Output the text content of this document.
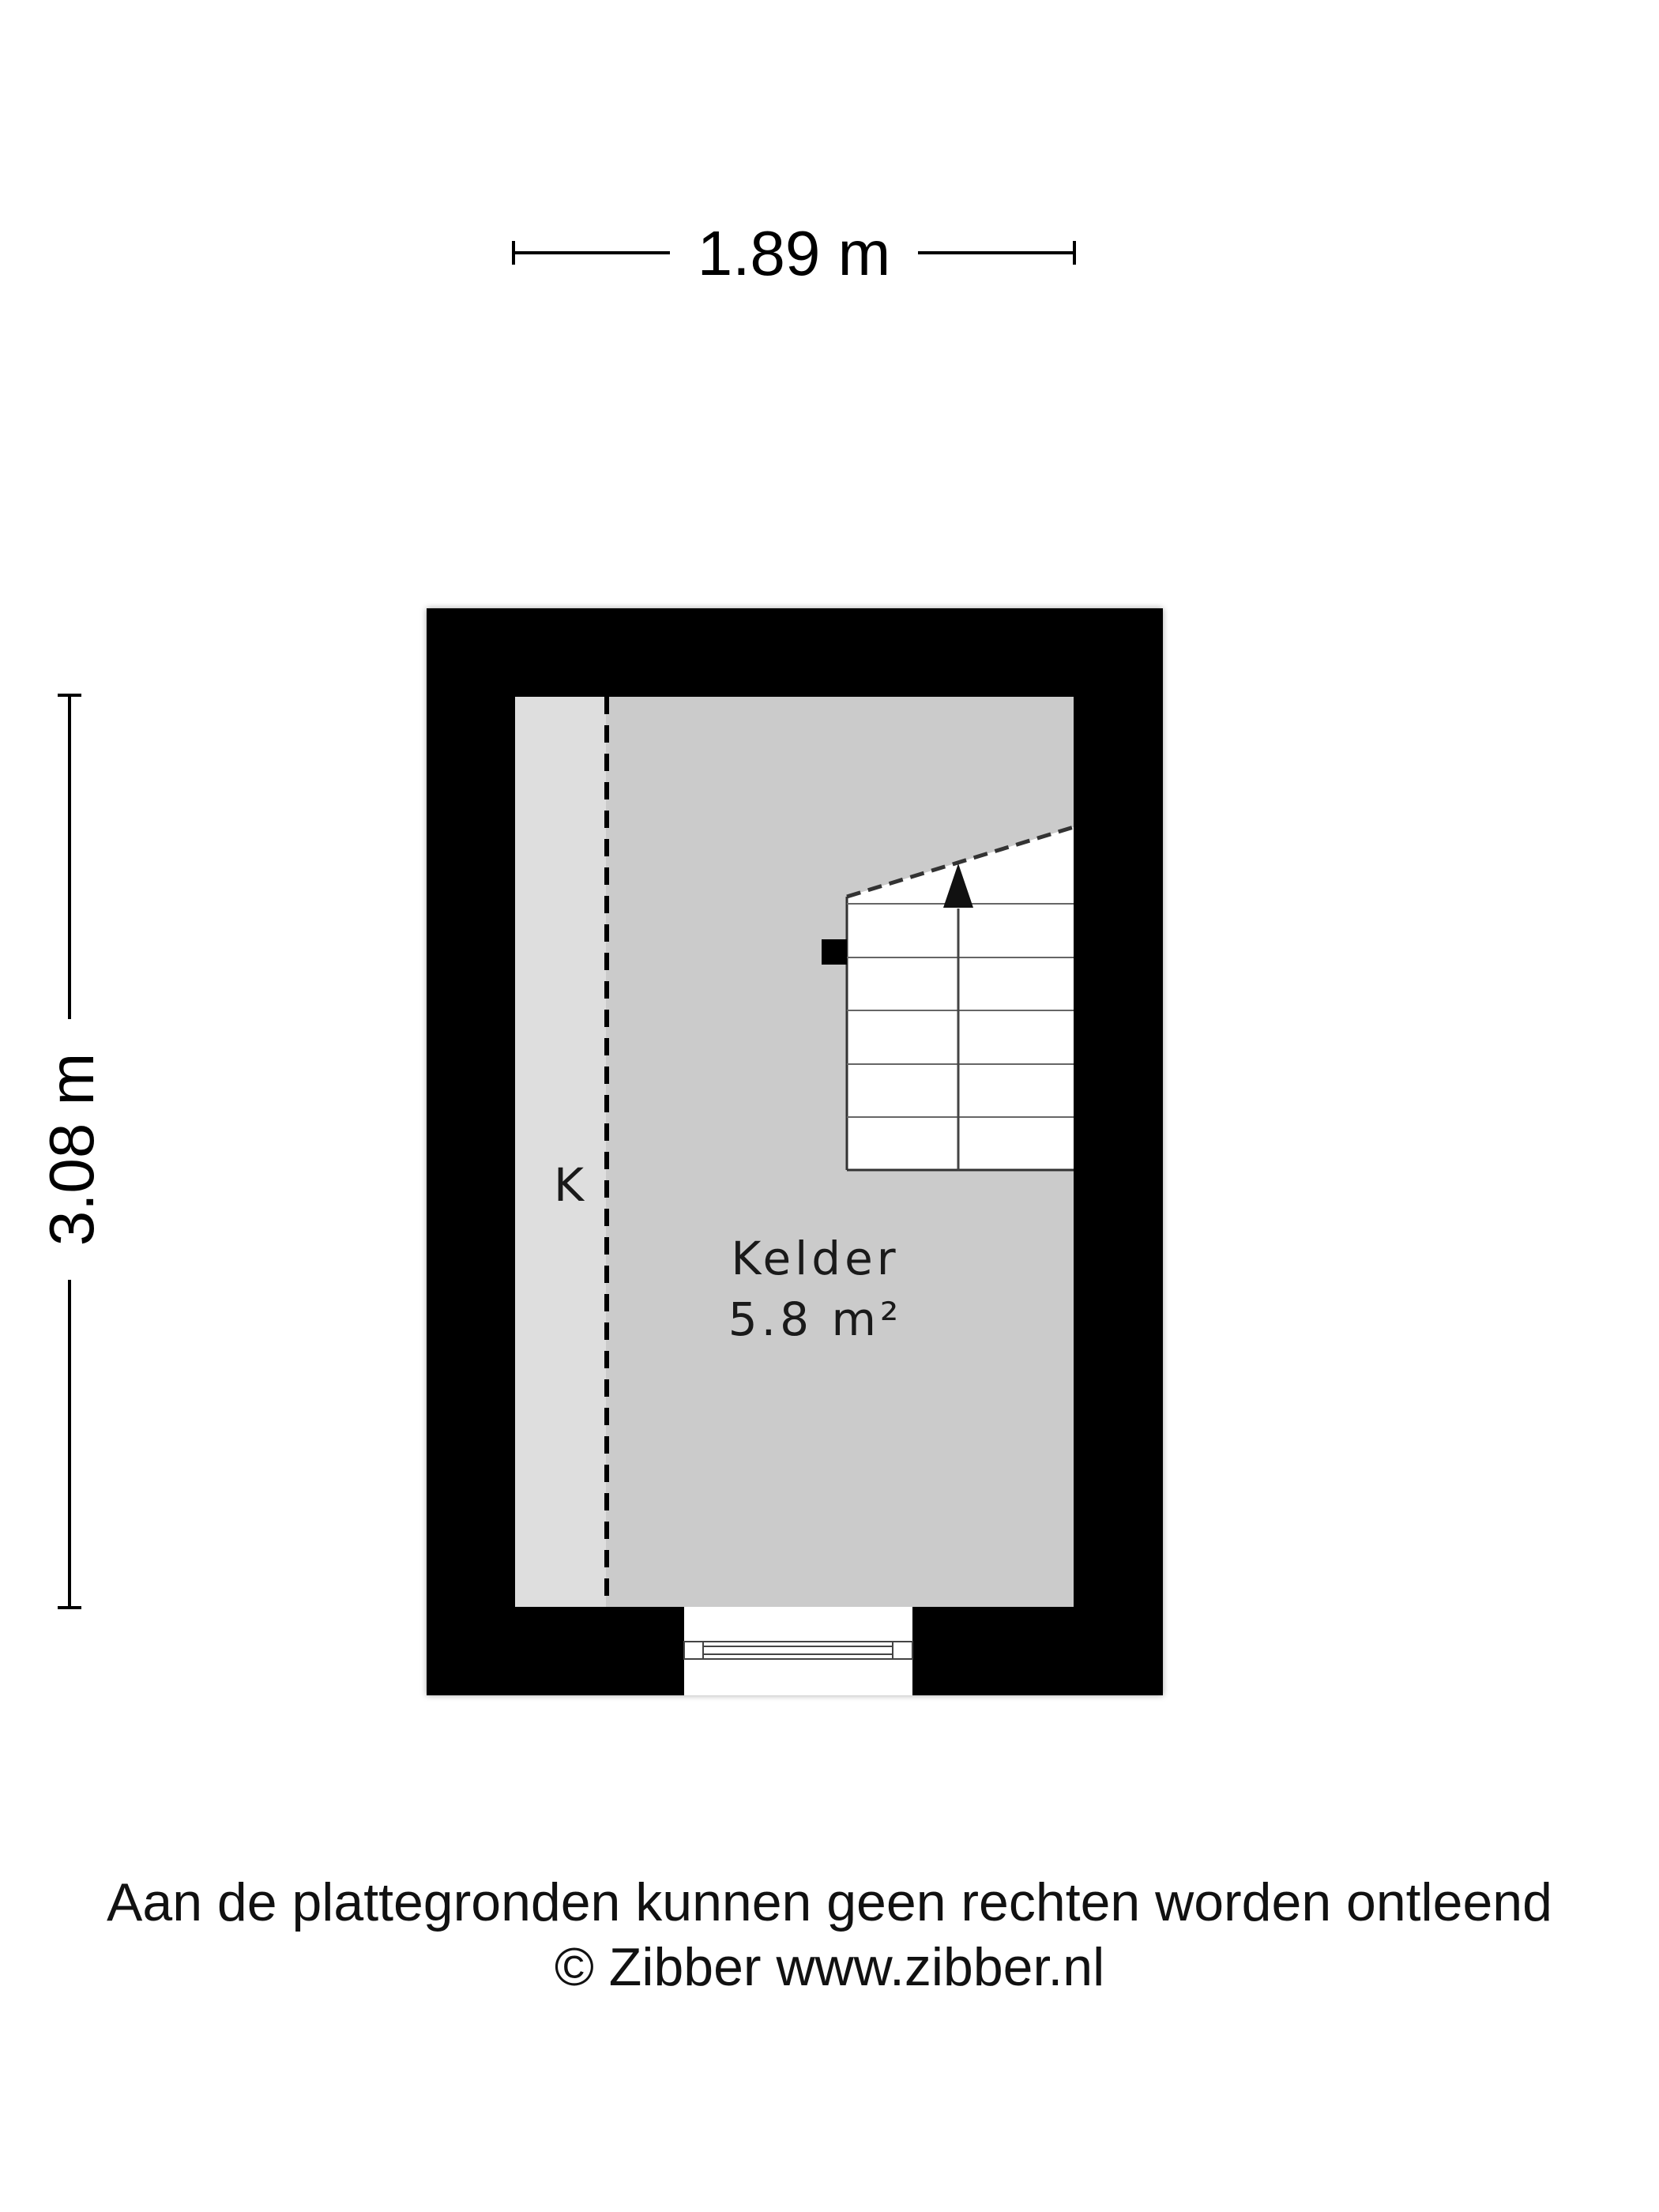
1.89 m
3.08 m	K
Kelder
5.8 m²
Aan de plattegronden kunnen geen rechten worden ontleend
© Zibber www.zibber.nl
